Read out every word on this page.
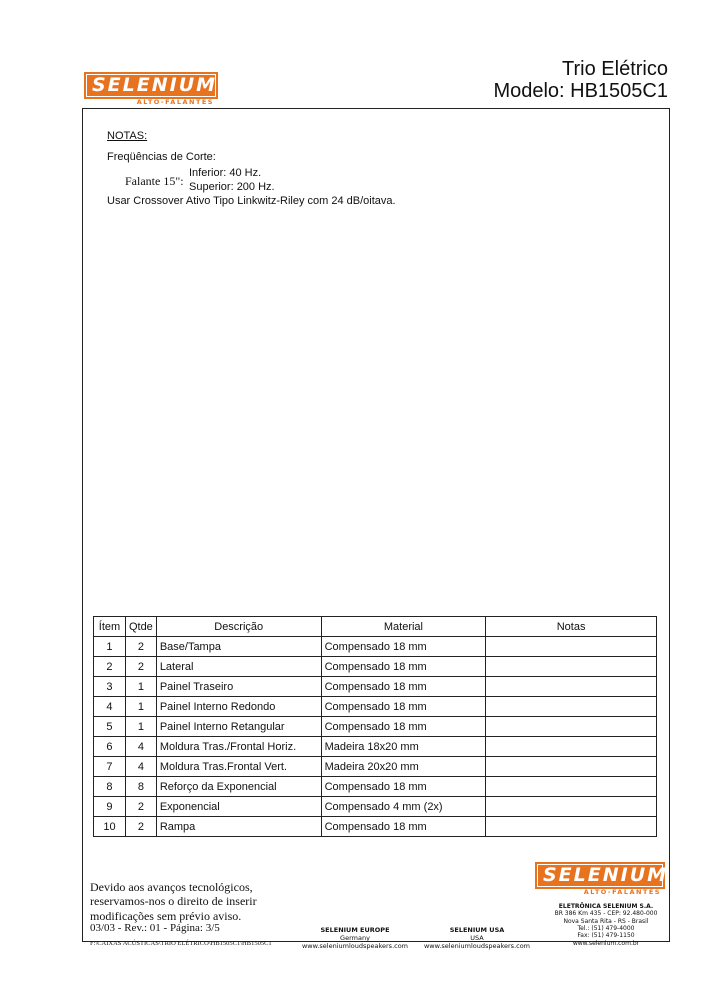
SELENIUM
ALTO-FALANTES
Trio Elétrico
Modelo: HB1505C1
NOTAS:
Freqüências de Corte:
Falante 15":
Inferior: 40 Hz.
Superior: 200 Hz.
Usar Crossover Ativo Tipo Linkwitz-Riley com 24 dB/oitava.
Ítem	Qtde	Descrição	Material	Notas
1	2	Base/Tampa	Compensado 18 mm	
2	2	Lateral	Compensado 18 mm	
3	1	Painel Traseiro	Compensado 18 mm	
4	1	Painel Interno Redondo	Compensado 18 mm	
5	1	Painel Interno Retangular	Compensado 18 mm	
6	4	Moldura Tras./Frontal Horiz.	Madeira 18x20 mm	
7	4	Moldura Tras.Frontal Vert.	Madeira 20x20 mm	
8	8	Reforço da Exponencial	Compensado 18 mm	
9	2	Exponencial	Compensado 4 mm (2x)	
10	2	Rampa	Compensado 18 mm	
Devido aos avanços tecnológicos,
reservamos-nos o direito de inserir
modificações sem prévio aviso.
03/03 - Rev.: 01 - Página: 3/5
F:\CAIXAS ACÚSTICAS\TRIO ELÉTRICO\HB1505C1\HB1505C1
SELENIUM EUROPE
Germany
www.seleniumloudspeakers.com
SELENIUM USA
USA
www.seleniumloudspeakers.com
SELENIUM
ALTO-FALANTES
ELETRÔNICA SELENIUM S.A.
BR 386 Km 435 - CEP: 92.480-000
Nova Santa Rita - RS - Brasil
Tel.: (51) 479-4000
Fax: (51) 479-1150
www.selenium.com.br
